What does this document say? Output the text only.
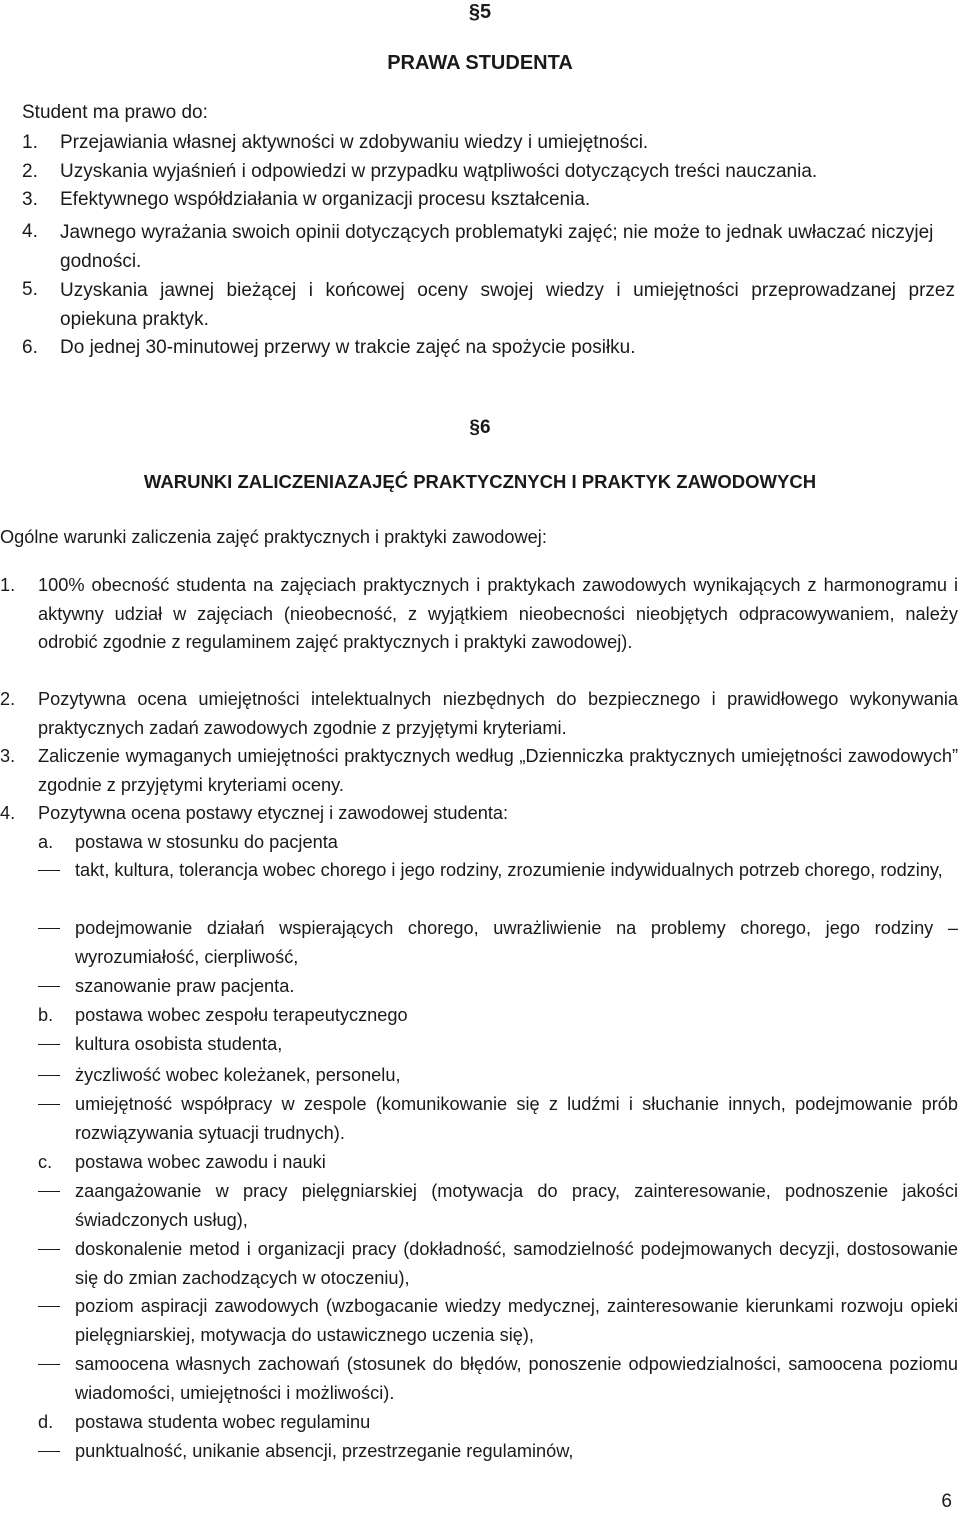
§5
PRAWA STUDENTA
Student ma prawo do:
1. Przejawiania własnej aktywności w zdobywaniu wiedzy i umiejętności.
2. Uzyskania wyjaśnień i odpowiedzi w przypadku wątpliwości dotyczących treści nauczania.
3. Efektywnego współdziałania w organizacji procesu kształcenia.
4. Jawnego wyrażania swoich opinii dotyczących problematyki zajęć; nie może to jednak uwłaczać niczyjej godności.
5. Uzyskania jawnej bieżącej i końcowej oceny swojej wiedzy i umiejętności przeprowadzanej przez opiekuna praktyk.
6. Do jednej 30-minutowej przerwy w trakcie zajęć na spożycie posiłku.
§6
WARUNKI ZALICZENIAZAJĘĆ PRAKTYCZNYCH I PRAKTYK ZAWODOWYCH
Ogólne warunki zaliczenia zajęć praktycznych i praktyki zawodowej:
1. 100% obecność studenta na zajęciach praktycznych i praktykach zawodowych wynikających z harmonogramu i aktywny udział w zajęciach (nieobecność, z wyjątkiem nieobecności nieobjętych odpracowywaniem, należy odrobić zgodnie z regulaminem zajęć praktycznych i praktyki zawodowej).
2. Pozytywna ocena umiejętności intelektualnych niezbędnych do bezpiecznego i prawidłowego wykonywania praktycznych zadań zawodowych zgodnie z przyjętymi kryteriami.
3. Zaliczenie wymaganych umiejętności praktycznych według „Dzienniczka praktycznych umiejętności zawodowych” zgodnie z przyjętymi kryteriami oceny.
4. Pozytywna ocena postawy etycznej i zawodowej studenta:
a. postawa w stosunku do pacjenta
takt, kultura, tolerancja wobec chorego i jego rodziny, zrozumienie indywidualnych potrzeb chorego, rodziny,
podejmowanie działań wspierających chorego, uwrażliwienie na problemy chorego, jego rodziny – wyrozumiałość, cierpliwość,
szanowanie praw pacjenta.
b. postawa wobec zespołu terapeutycznego
kultura osobista studenta,
życzliwość wobec koleżanek, personelu,
umiejętność współpracy w zespole (komunikowanie się z ludźmi i słuchanie innych, podejmowanie prób rozwiązywania sytuacji trudnych).
c. postawa wobec zawodu i nauki
zaangażowanie w pracy pielęgniarskiej (motywacja do pracy, zainteresowanie, podnoszenie jakości świadczonych usług),
doskonalenie metod i organizacji pracy (dokładność, samodzielność podejmowanych decyzji, dostosowanie się do zmian zachodzących w otoczeniu),
poziom aspiracji zawodowych (wzbogacanie wiedzy medycznej, zainteresowanie kierunkami rozwoju opieki pielęgniarskiej, motywacja do ustawicznego uczenia się),
samoocena własnych zachowań (stosunek do błędów, ponoszenie odpowiedzialności, samoocena poziomu wiadomości, umiejętności i możliwości).
d. postawa studenta wobec regulaminu
punktualność, unikanie absencji, przestrzeganie regulaminów,
6
